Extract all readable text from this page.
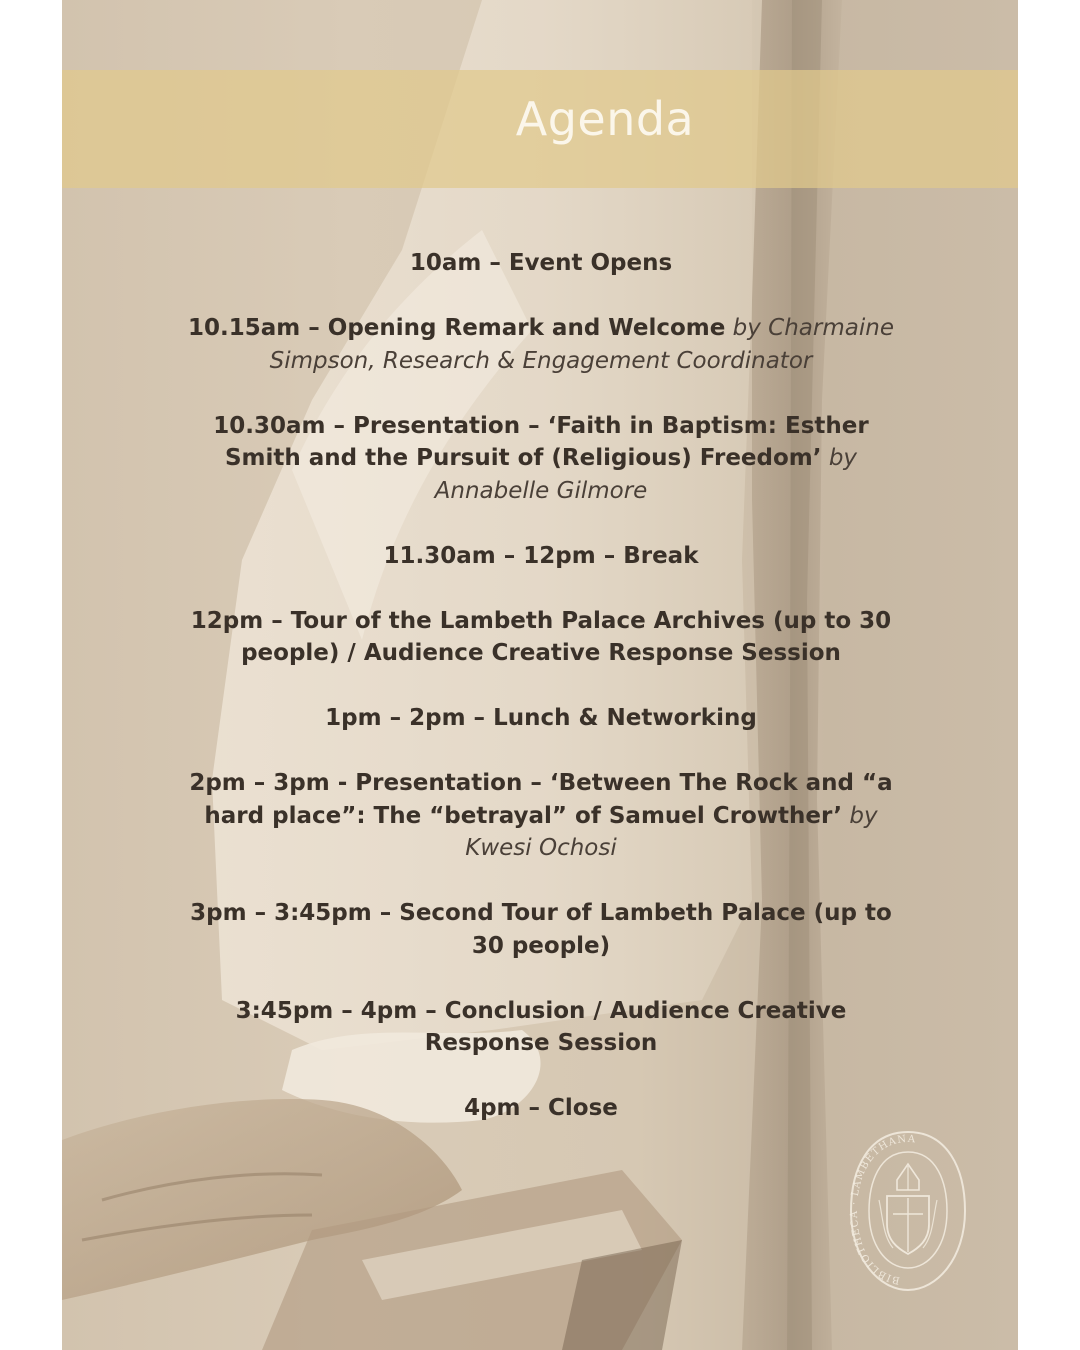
Agenda
10am – Event Opens
10.15am – Opening Remark and Welcome by Charmaine Simpson, Research & Engagement Coordinator
10.30am – Presentation – ‘Faith in Baptism: Esther Smith and the Pursuit of (Religious) Freedom’ by Annabelle Gilmore
11.30am – 12pm – Break
12pm – Tour of the Lambeth Palace Archives (up to 30 people) / Audience Creative Response Session
1pm – 2pm – Lunch & Networking
2pm – 3pm - Presentation – ‘Between The Rock and “a hard place”: The “betrayal” of Samuel Crowther’ by Kwesi Ochosi
3pm – 3:45pm – Second Tour of Lambeth Palace (up to 30 people)
3:45pm – 4pm – Conclusion / Audience Creative Response Session
4pm – Close
BIBLIOTHECA · LAMBETHANA
